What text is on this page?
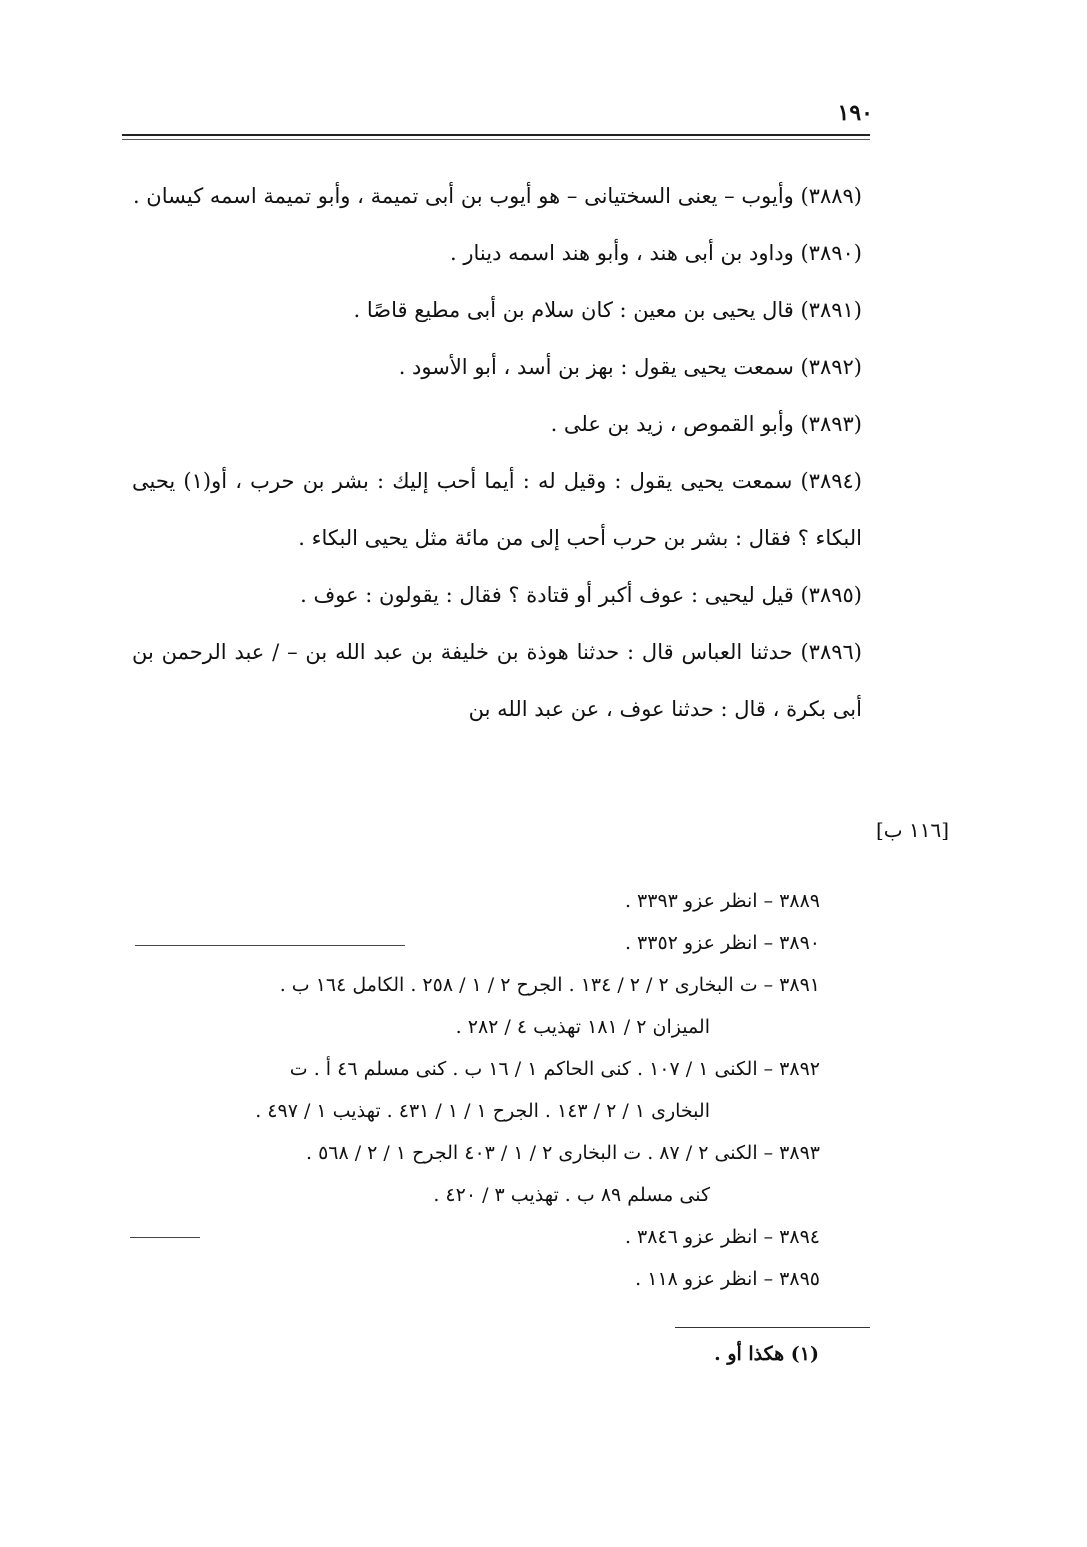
١٩٠

(٣٨٨٩) وأيوب – يعنى السختيانى – هو أيوب بن أبى تميمة ، وأبو تميمة اسمه كيسان .

(٣٨٩٠) وداود بن أبى هند ، وأبو هند اسمه دينار .

(٣٨٩١) قال يحيى بن معين : كان سلام بن أبى مطيع قاصًا .

(٣٨٩٢) سمعت يحيى يقول : بهز بن أسد ، أبو الأسود .

(٣٨٩٣) وأبو القموص ، زيد بن على .

(٣٨٩٤) سمعت يحيى يقول : وقيل له : أيما أحب إليك : بشر بن حرب ، أو(١) يحيى البكاء ؟ فقال : بشر بن حرب أحب إلى من مائة مثل يحيى البكاء .

(٣٨٩٥) قيل ليحيى : عوف أكبر أو قتادة ؟ فقال : يقولون : عوف .

(٣٨٩٦) حدثنا العباس قال : حدثنا هوذة بن خليفة بن عبد الله بن – / عبد الرحمن بن أبى بكرة ، قال : حدثنا عوف ، عن عبد الله بن

[١١٦ ب]

٣٨٨٩ – انظر عزو ٣٣٩٣ .

٣٨٩٠ – انظر عزو ٣٣٥٢ .

٣٨٩١ – ت البخارى ٢ / ٢ / ١٣٤ . الجرح ٢ / ١ / ٢٥٨ . الكامل ١٦٤ ب .

الميزان ٢ / ١٨١ تهذيب ٤ / ٢٨٢ .

٣٨٩٢ – الكنى ١ / ١٠٧ . كنى الحاكم ١ / ١٦ ب . كنى مسلم ٤٦ أ . ت

البخارى ١ / ٢ / ١٤٣ . الجرح ١ / ١ / ٤٣١ . تهذيب ١ / ٤٩٧ .

٣٨٩٣ – الكنى ٢ / ٨٧ . ت البخارى ٢ / ١ / ٤٠٣ الجرح ١ / ٢ / ٥٦٨ .

كنى مسلم ٨٩ ب . تهذيب ٣ / ٤٢٠ .

٣٨٩٤ – انظر عزو ٣٨٤٦ .

٣٨٩٥ – انظر عزو ١١٨ .

(١) هكذا أو .
